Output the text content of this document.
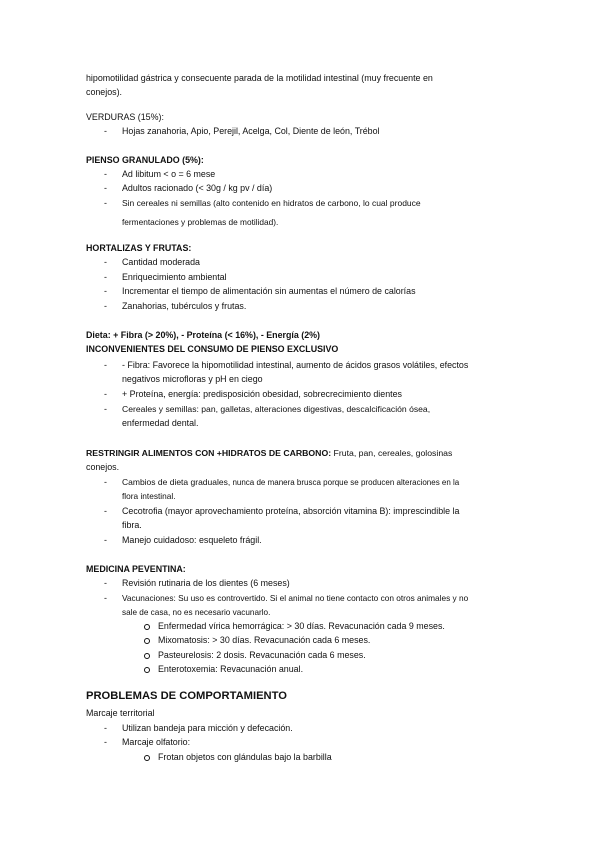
hipomotilidad gástrica y consecuente parada de la motilidad intestinal (muy frecuente en
conejos).
VERDURAS (15%):
- Hojas zanahoria, Apio, Perejil, Acelga, Col, Diente de león, Trébol
PIENSO GRANULADO (5%):
- Ad libitum < o = 6 mese
- Adultos racionado (< 30g / kg pv / día)
- Sin cereales ni semillas (alto contenido en hidratos de carbono, lo cual produce
fermentaciones y problemas de motilidad).
HORTALIZAS Y FRUTAS:
- Cantidad moderada
- Enriquecimiento ambiental
- Incrementar el tiempo de alimentación sin aumentas el número de calorías
- Zanahorias, tubérculos y frutas.
Dieta: + Fibra (> 20%), - Proteína (< 16%), - Energía (2%)
INCONVENIENTES DEL CONSUMO DE PIENSO EXCLUSIVO
- - Fibra: Favorece la hipomotilidad intestinal, aumento de ácidos grasos volátiles, efectos
negativos microfloras y pH en ciego
- + Proteína, energía: predisposición obesidad, sobrecrecimiento dientes
- Cereales y semillas: pan, galletas, alteraciones digestivas, descalcificación ósea,
enfermedad dental.
RESTRINGIR ALIMENTOS CON +HIDRATOS DE CARBONO: Fruta, pan, cereales, golosinas
conejos.
- Cambios de dieta graduales, nunca de manera brusca porque se producen alteraciones en la
flora intestinal.
- Cecotrofia (mayor aprovechamiento proteína, absorción vitamina B): imprescindible la
fibra.
- Manejo cuidadoso: esqueleto frágil.
MEDICINA PEVENTINA:
- Revisión rutinaria de los dientes (6 meses)
- Vacunaciones: Su uso es controvertido. Si el animal no tiene contacto con otros animales y no
sale de casa, no es necesario vacunarlo.
Enfermedad vírica hemorrágica: > 30 días. Revacunación cada 9 meses.
Mixomatosis: > 30 días. Revacunación cada 6 meses.
Pasteurelosis: 2 dosis. Revacunación cada 6 meses.
Enterotoxemia: Revacunación anual.
PROBLEMAS DE COMPORTAMIENTO
Marcaje territorial
- Utilizan bandeja para micción y defecación.
- Marcaje olfatorio:
Frotan objetos con glándulas bajo la barbilla
